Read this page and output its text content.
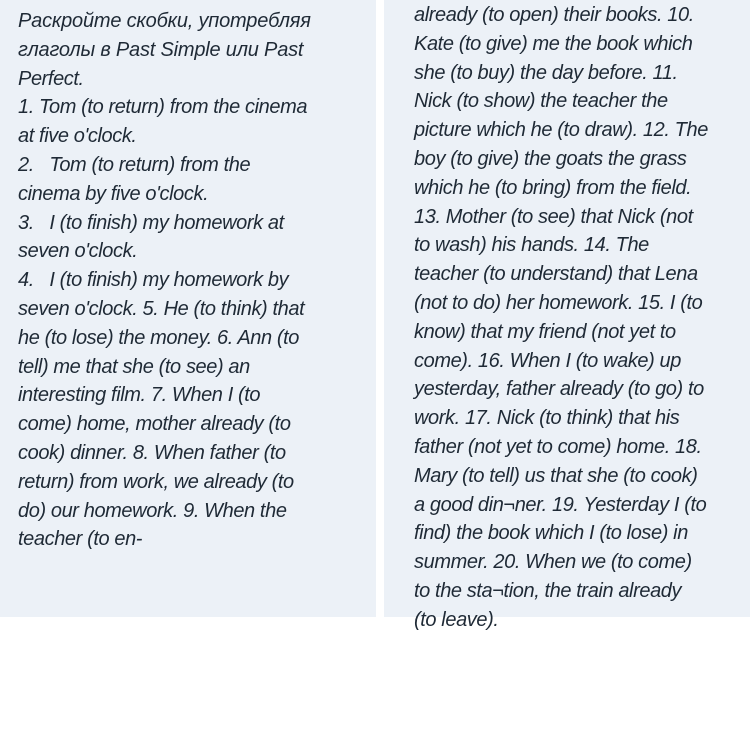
Раскройте скобки, употребляя
глаголы в Past Simple или Past
Perfect.
1. Tom (to return) from the cinema
at five o'clock.
2.   Tom (to return) from the
cinema by five o'clock.
3.   I (to finish) my homework at
seven o'clock.
4.   I (to finish) my homework by
seven o'clock. 5. He (to think) that
he (to lose) the money. 6. Ann (to
tell) me that she (to see) an
interesting film. 7. When I (to
come) home, mother already (to
cook) dinner. 8. When father (to
return) from work, we already (to
do) our homework. 9. When the
teacher (to en-
already (to open) their books. 10.
Kate (to give) me the book which
she (to buy) the day before. 11.
Nick (to show) the teacher the
picture which he (to draw). 12. The
boy (to give) the goats the grass
which he (to bring) from the field.
13. Mother (to see) that Nick (not
to wash) his hands. 14. The
teacher (to understand) that Lena
(not to do) her homework. 15. I (to
know) that my friend (not yet to
come). 16. When I (to wake) up
yesterday, father already (to go) to
work. 17. Nick (to think) that his
father (not yet to come) home. 18.
Mary (to tell) us that she (to cook)
a good din¬ner. 19. Yesterday I (to
find) the book which I (to lose) in
summer. 20. When we (to come)
to the sta¬tion, the train already
(to leave).
